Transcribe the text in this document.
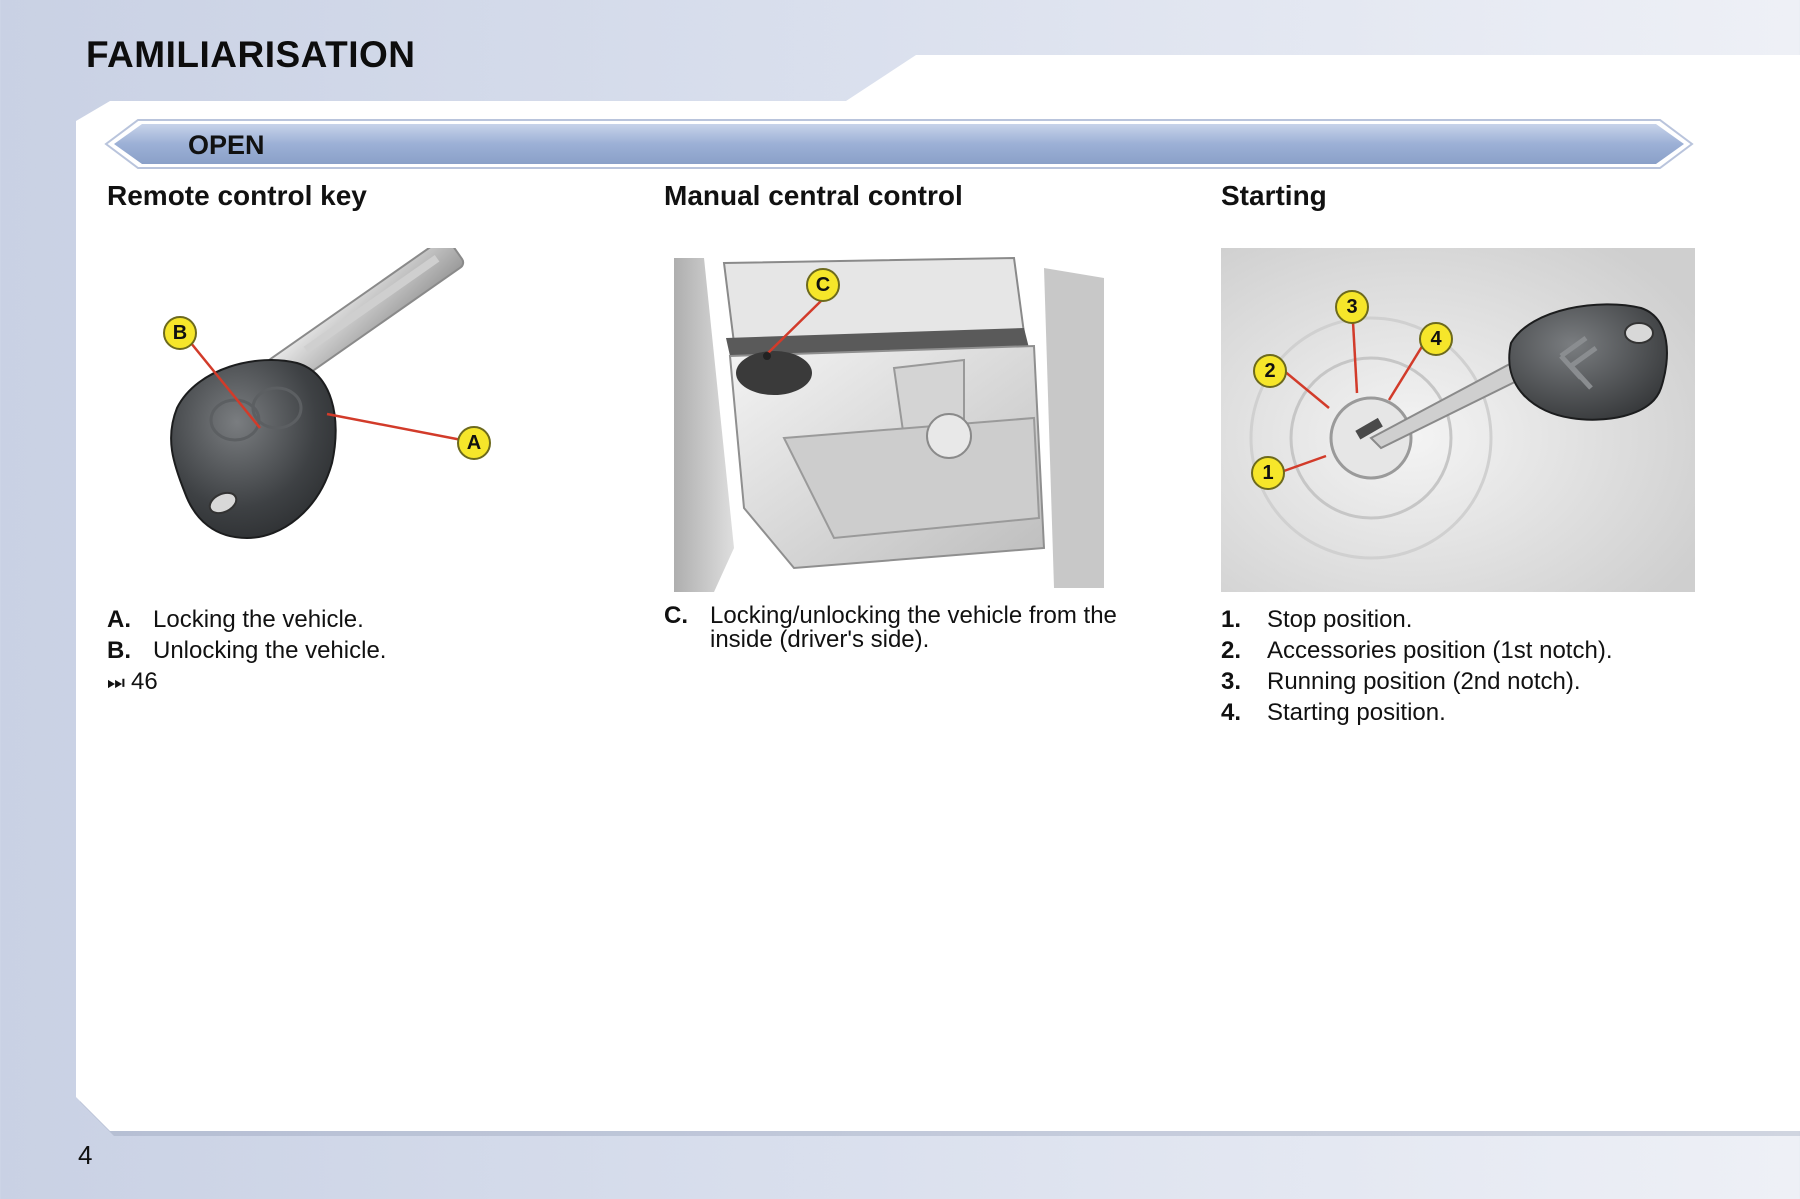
FAMILIARISATION
OPEN
Remote control key
B
A
A. Locking the vehicle.
B. Unlocking the vehicle.
⏭ 46
Manual central control
C
C. Locking/unlocking the vehicle from the inside (driver's side).
Starting
1
2
3
4
1. Stop position.
2. Accessories position (1st notch).
3. Running position (2nd notch).
4. Starting position.
4
